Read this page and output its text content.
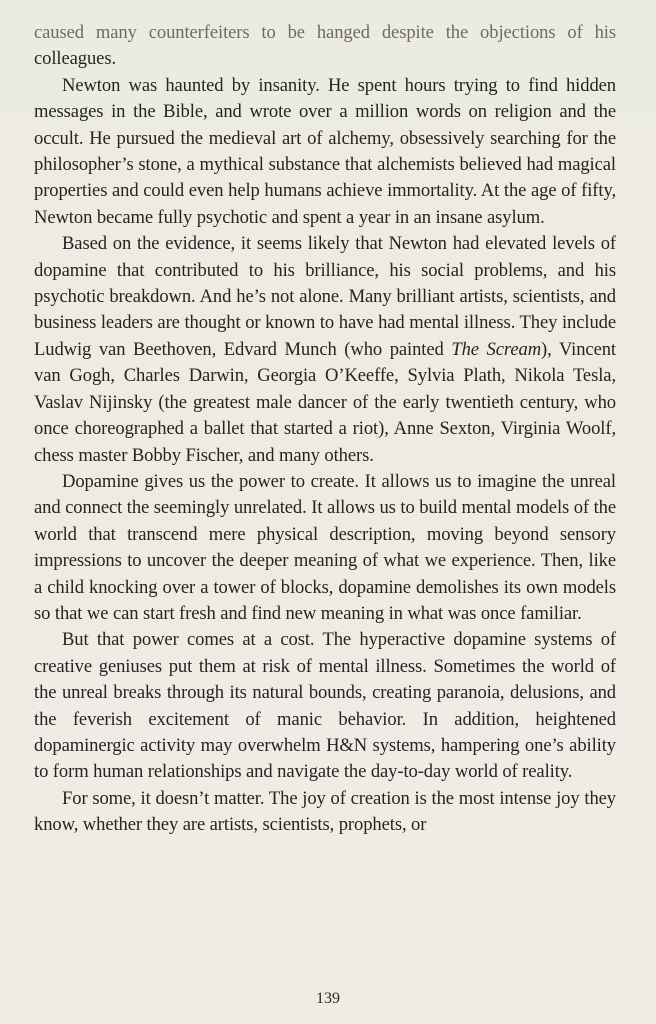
caused many counterfeiters to be hanged despite the objections of his colleagues.

Newton was haunted by insanity. He spent hours trying to find hidden messages in the Bible, and wrote over a million words on religion and the occult. He pursued the medieval art of alchemy, obsessively searching for the philosopher’s stone, a mythical substance that alchemists believed had magical properties and could even help humans achieve immortality. At the age of fifty, Newton became fully psychotic and spent a year in an insane asylum.

Based on the evidence, it seems likely that Newton had elevated levels of dopamine that contributed to his brilliance, his social problems, and his psychotic breakdown. And he’s not alone. Many brilliant artists, scientists, and business leaders are thought or known to have had mental illness. They include Ludwig van Beethoven, Edvard Munch (who painted The Scream), Vincent van Gogh, Charles Darwin, Georgia O’Keeffe, Sylvia Plath, Nikola Tesla, Vaslav Nijinsky (the greatest male dancer of the early twentieth century, who once choreographed a ballet that started a riot), Anne Sexton, Virginia Woolf, chess master Bobby Fischer, and many others.

Dopamine gives us the power to create. It allows us to imagine the unreal and connect the seemingly unrelated. It allows us to build mental models of the world that transcend mere physical description, moving beyond sensory impressions to uncover the deeper meaning of what we experience. Then, like a child knocking over a tower of blocks, dopamine demolishes its own models so that we can start fresh and find new meaning in what was once familiar.

But that power comes at a cost. The hyperactive dopamine systems of creative geniuses put them at risk of mental illness. Sometimes the world of the unreal breaks through its natural bounds, creating paranoia, delusions, and the feverish excitement of manic behavior. In addition, heightened dopaminergic activity may overwhelm H&N systems, hampering one’s ability to form human relationships and navigate the day-to-day world of reality.

For some, it doesn’t matter. The joy of creation is the most intense joy they know, whether they are artists, scientists, prophets, or

139
